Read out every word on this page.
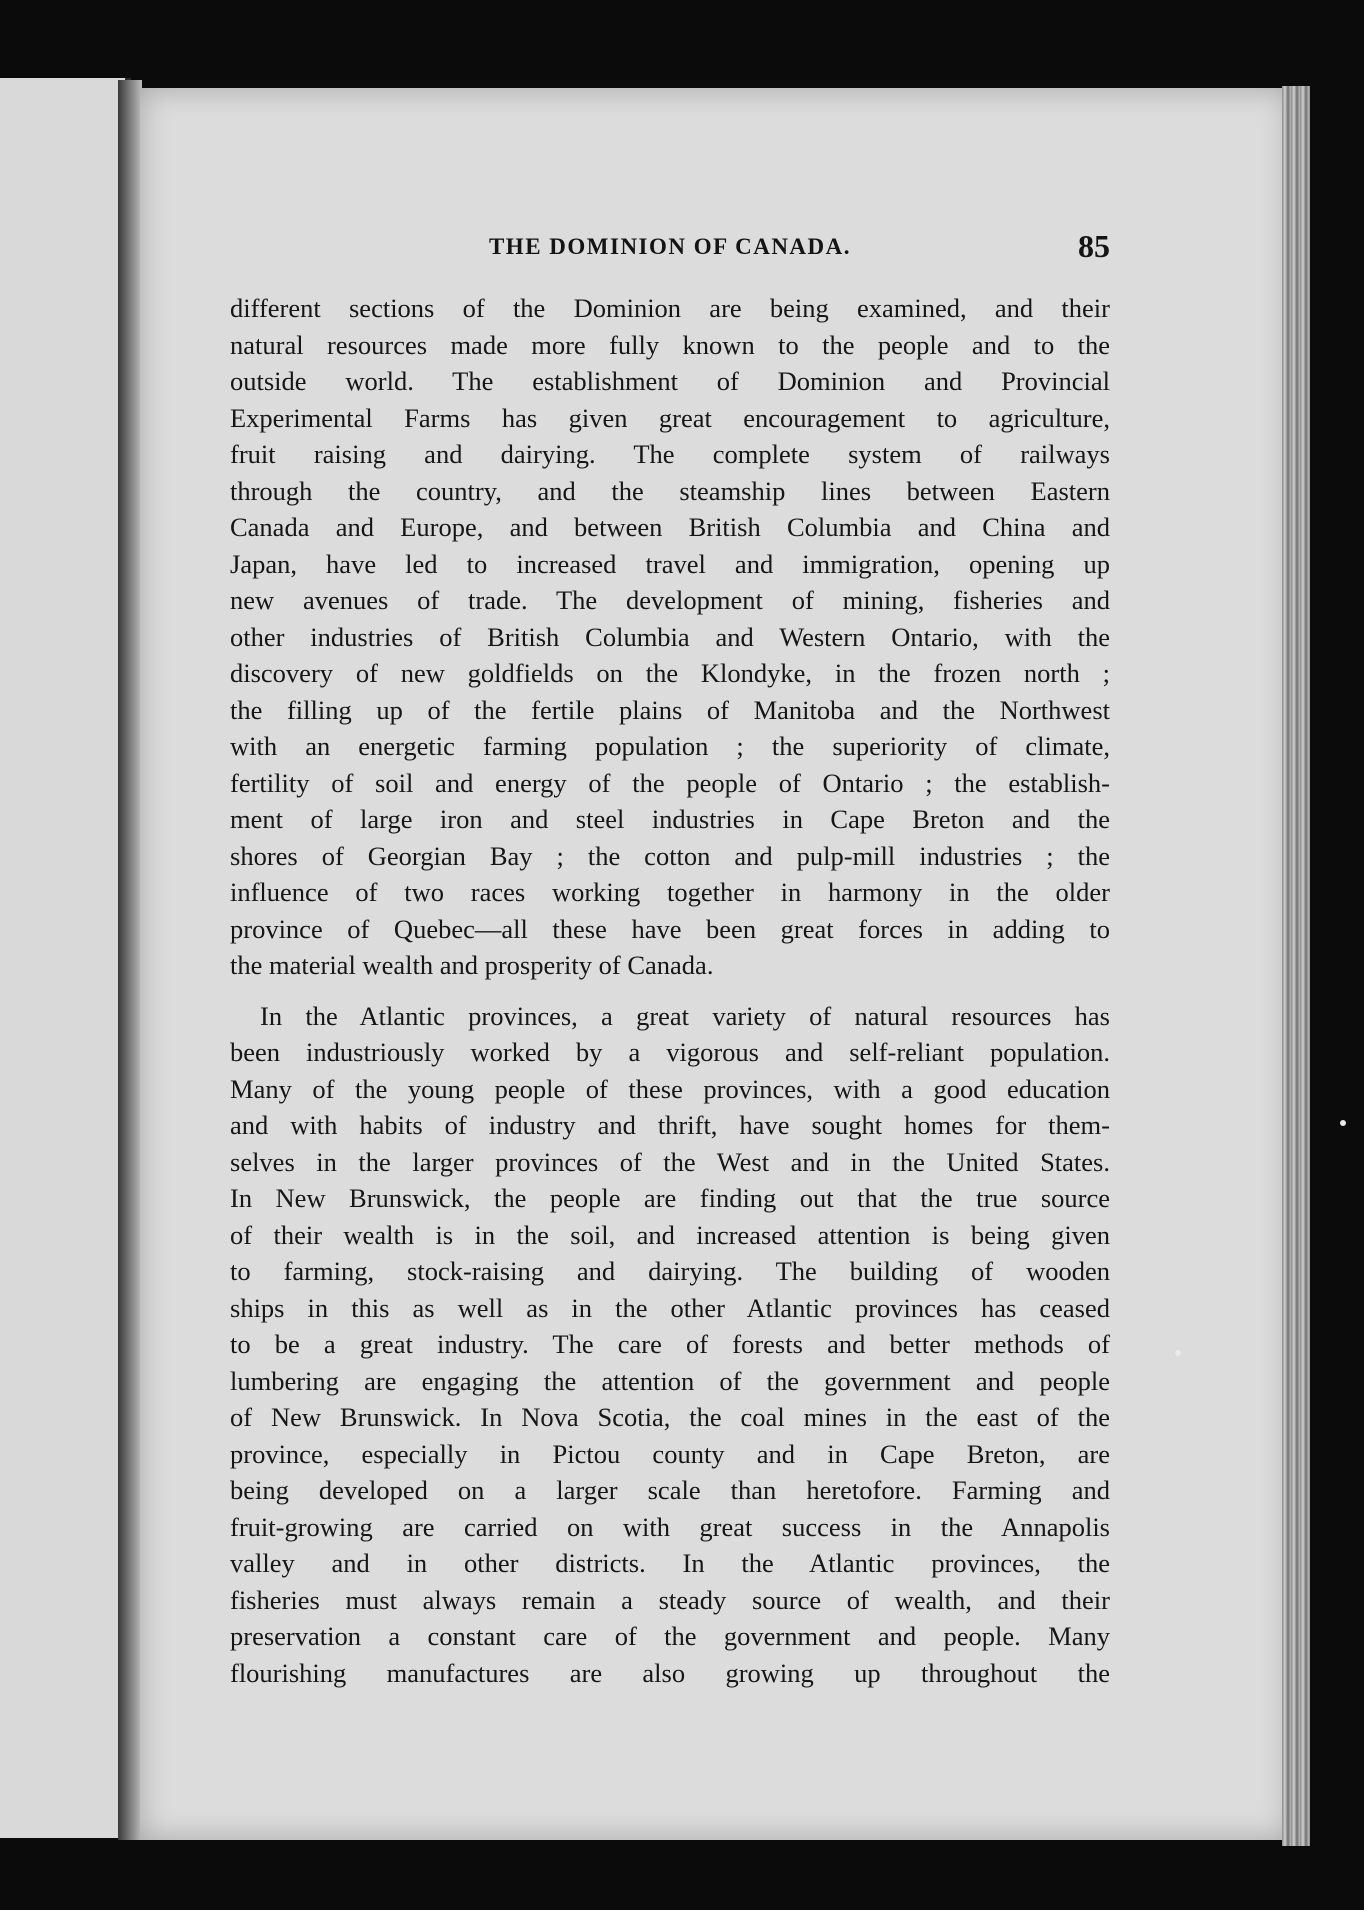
THE DOMINION OF CANADA.	85

different sections of the Dominion are being examined, and their
natural resources made more fully known to the people and to the
outside world. The establishment of Dominion and Provincial
Experimental Farms has given great encouragement to agriculture,
fruit raising and dairying. The complete system of railways
through the country, and the steamship lines between Eastern
Canada and Europe, and between British Columbia and China and
Japan, have led to increased travel and immigration, opening up
new avenues of trade. The development of mining, fisheries and
other industries of British Columbia and Western Ontario, with the
discovery of new goldfields on the Klondyke, in the frozen north ;
the filling up of the fertile plains of Manitoba and the Northwest
with an energetic farming population ; the superiority of climate,
fertility of soil and energy of the people of Ontario ; the establish-
ment of large iron and steel industries in Cape Breton and the
shores of Georgian Bay ; the cotton and pulp-mill industries ; the
influence of two races working together in harmony in the older
province of Quebec—all these have been great forces in adding to
the material wealth and prosperity of Canada.

In the Atlantic provinces, a great variety of natural resources has
been industriously worked by a vigorous and self-reliant population.
Many of the young people of these provinces, with a good education
and with habits of industry and thrift, have sought homes for them-
selves in the larger provinces of the West and in the United States.
In New Brunswick, the people are finding out that the true source
of their wealth is in the soil, and increased attention is being given
to farming, stock-raising and dairying. The building of wooden
ships in this as well as in the other Atlantic provinces has ceased
to be a great industry. The care of forests and better methods of
lumbering are engaging the attention of the government and people
of New Brunswick. In Nova Scotia, the coal mines in the east of the
province, especially in Pictou county and in Cape Breton, are
being developed on a larger scale than heretofore. Farming and
fruit-growing are carried on with great success in the Annapolis
valley and in other districts. In the Atlantic provinces, the
fisheries must always remain a steady source of wealth, and their
preservation a constant care of the government and people. Many
flourishing manufactures are also growing up throughout the
